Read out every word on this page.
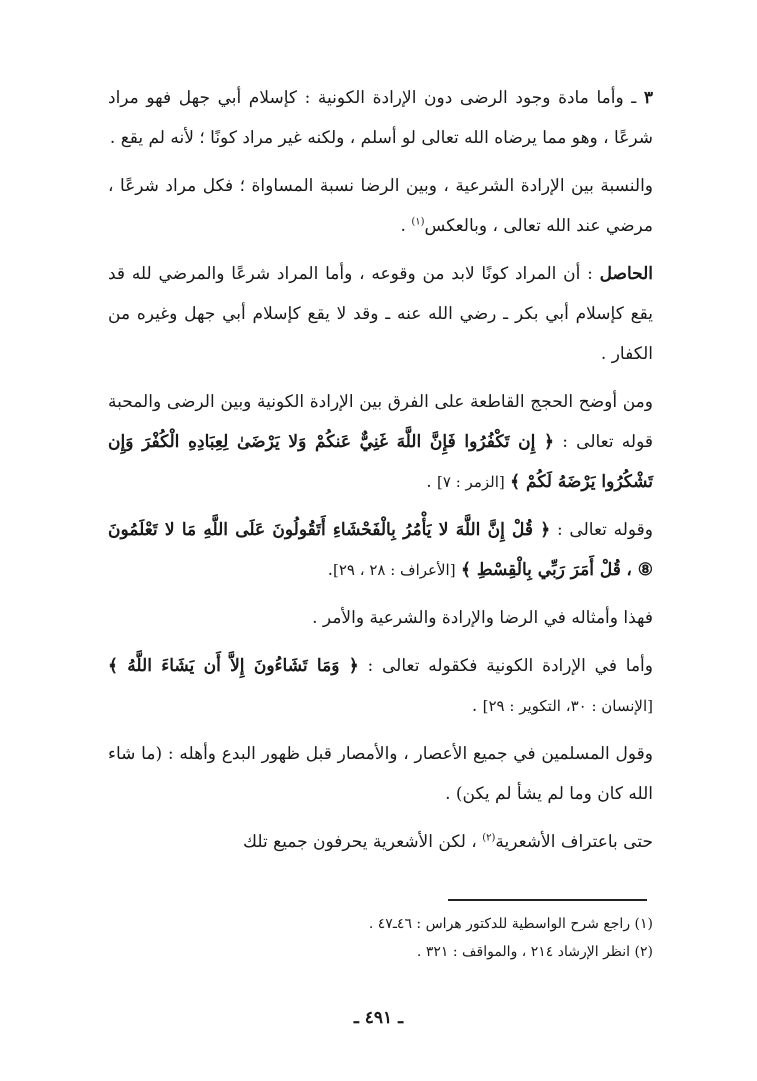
٣ ـ وأما مادة وجود الرضى دون الإرادة الكونية : كإسلام أبي جهل فهو مراد شرعًا ، وهو مما يرضاه الله تعالى لو أسلم ، ولكنه غير مراد كونًا ؛ لأنه لم يقع .

والنسبة بين الإرادة الشرعية ، وبين الرضا نسبة المساواة ؛ فكل مراد شرعًا ، مرضي عند الله تعالى ، وبالعكس$^{(١)}$ .

الحاصل : أن المراد كونًا لابد من وقوعه ، وأما المراد شرعًا والمرضي لله قد يقع كإسلام أبي بكر ـ رضي الله عنه ـ وقد لا يقع كإسلام أبي جهل وغيره من الكفار .

ومن أوضح الحجج القاطعة على الفرق بين الإرادة الكونية وبين الرضى والمحبة قوله تعالى : ﴿ إِن تَكْفُرُوا فَإِنَّ اللَّهَ غَنِيٌّ عَنكُمْ وَلا يَرْضَىٰ لِعِبَادِهِ الْكُفْرَ وَإِن تَشْكُرُوا يَرْضَهُ لَكُمْ ﴾ [الزمر : ٧] .

وقوله تعالى : ﴿ قُلْ إِنَّ اللَّهَ لا يَأْمُرُ بِالْفَحْشَاءِ أَتَقُولُونَ عَلَى اللَّهِ مَا لا تَعْلَمُونَ ⑧ ، قُلْ أَمَرَ رَبِّي بِالْقِسْطِ ﴾ [الأعراف : ٢٨ ، ٢٩].

فهذا وأمثاله في الرضا والإرادة والشرعية والأمر .

وأما في الإرادة الكونية فكقوله تعالى : ﴿ وَمَا تَشَاءُونَ إِلاَّ أَن يَشَاءَ اللَّهُ ﴾ [الإنسان : ٣٠، التكوير : ٢٩] .

وقول المسلمين في جميع الأعصار ، والأمصار قبل ظهور البدع وأهله : (ما شاء الله كان وما لم يشأ لم يكن) .

حتى باعتراف الأشعرية$^{(٢)}$ ، لكن الأشعرية يحرفون جميع تلك

(١) راجع شرح الواسطية للدكتور هراس : ٤٦ـ٤٧ .

(٢) انظر الإرشاد ٢١٤ ، والمواقف : ٣٢١ .

ـ ٤٩١ ـ
